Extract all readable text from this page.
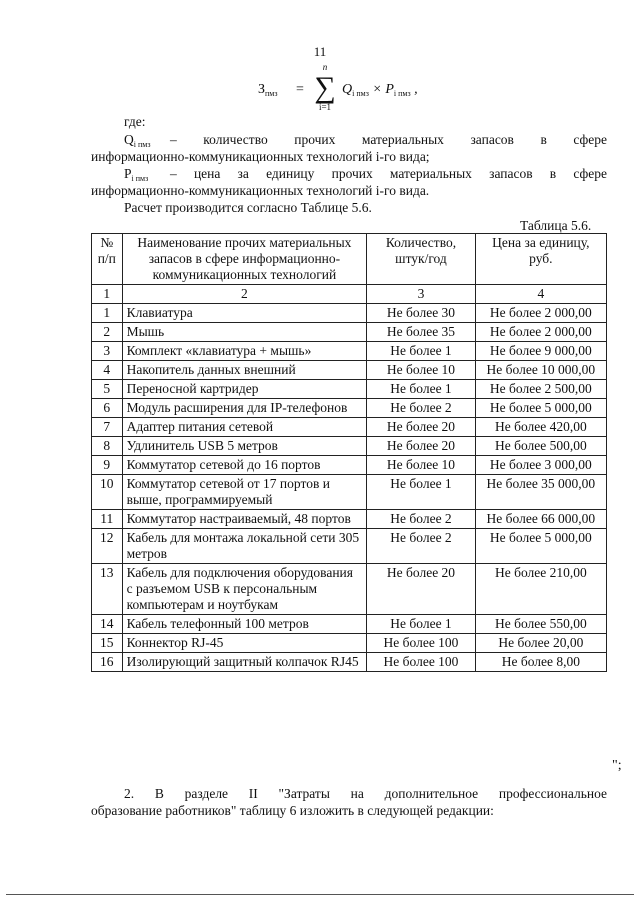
11
$З_{пмз}$ =
n
∑
i=1
$Q_{i пмз} \times P_{i пмз}$ ,
где:
$Q_{i пмз}$	– количество прочих материальных запасов в сфере
информационно-коммуникационных технологий i-го вида;
$P_{i пмз}$	– цена за единицу прочих материальных запасов в сфере
информационно-коммуникационных технологий i-го вида.
Расчет производится согласно Таблице 5.6.
Таблица 5.6.
№ п/п	Наименование прочих материальных запасов в сфере информационно-коммуникационных технологий	Количество, штук/год	Цена за единицу, руб.
1	2	3	4
1	Клавиатура	Не более 30	Не более 2 000,00
2	Мышь	Не более 35	Не более 2 000,00
3	Комплект «клавиатура + мышь»	Не более 1	Не более 9 000,00
4	Накопитель данных внешний	Не более 10	Не более 10 000,00
5	Переносной картридер	Не более 1	Не более 2 500,00
6	Модуль расширения для IP-телефонов	Не более 2	Не более 5 000,00
7	Адаптер питания сетевой	Не более 20	Не более 420,00
8	Удлинитель USB 5 метров	Не более 20	Не более 500,00
9	Коммутатор сетевой до 16 портов	Не более 10	Не более 3 000,00
10	Коммутатор сетевой от 17 портов и выше, программируемый	Не более 1	Не более 35 000,00
11	Коммутатор настраиваемый, 48 портов	Не более 2	Не более 66 000,00
12	Кабель для монтажа локальной сети 305 метров	Не более 2	Не более 5 000,00
13	Кабель для подключения оборудования с разъемом USB к персональным компьютерам и ноутбукам	Не более 20	Не более 210,00
14	Кабель телефонный 100 метров	Не более 1	Не более 550,00
15	Коннектор RJ-45	Не более 100	Не более 20,00
16	Изолирующий защитный колпачок RJ45	Не более 100	Не более 8,00
";
2. В разделе II "Затраты на дополнительное профессиональное
образование работников" таблицу 6 изложить в следующей редакции:
